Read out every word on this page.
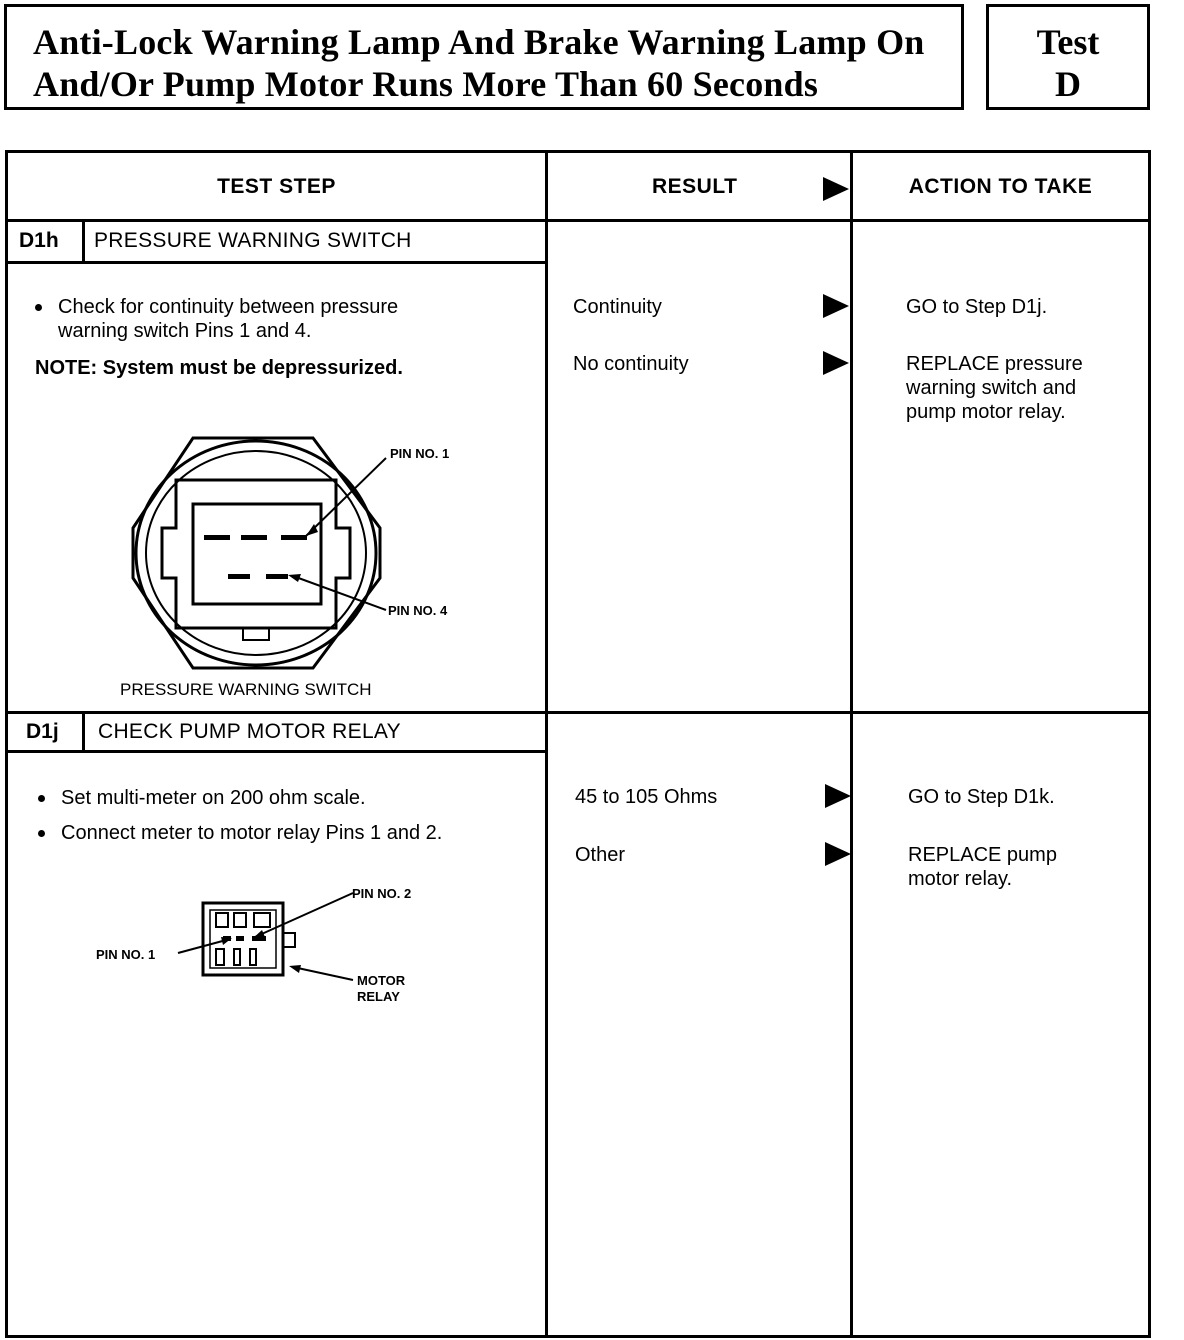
Anti-Lock Warning Lamp And Brake Warning Lamp On
And/Or Pump Motor Runs More Than 60 Seconds
Test
D
TEST STEP	RESULT	ACTION TO TAKE
D1h PRESSURE WARNING SWITCH
Check for continuity between pressure
warning switch Pins 1 and 4.
NOTE: System must be depressurized.
PIN NO. 1
PIN NO. 4
PRESSURE WARNING SWITCH
Continuity	GO to Step D1j.
No continuity	REPLACE pressure
warning switch and
pump motor relay.
D1j CHECK PUMP MOTOR RELAY
Set multi-meter on 200 ohm scale.
Connect meter to motor relay Pins 1 and 2.
PIN NO. 2
PIN NO. 1
MOTOR
RELAY
45 to 105 Ohms	GO to Step D1k.
Other	REPLACE pump
motor relay.
